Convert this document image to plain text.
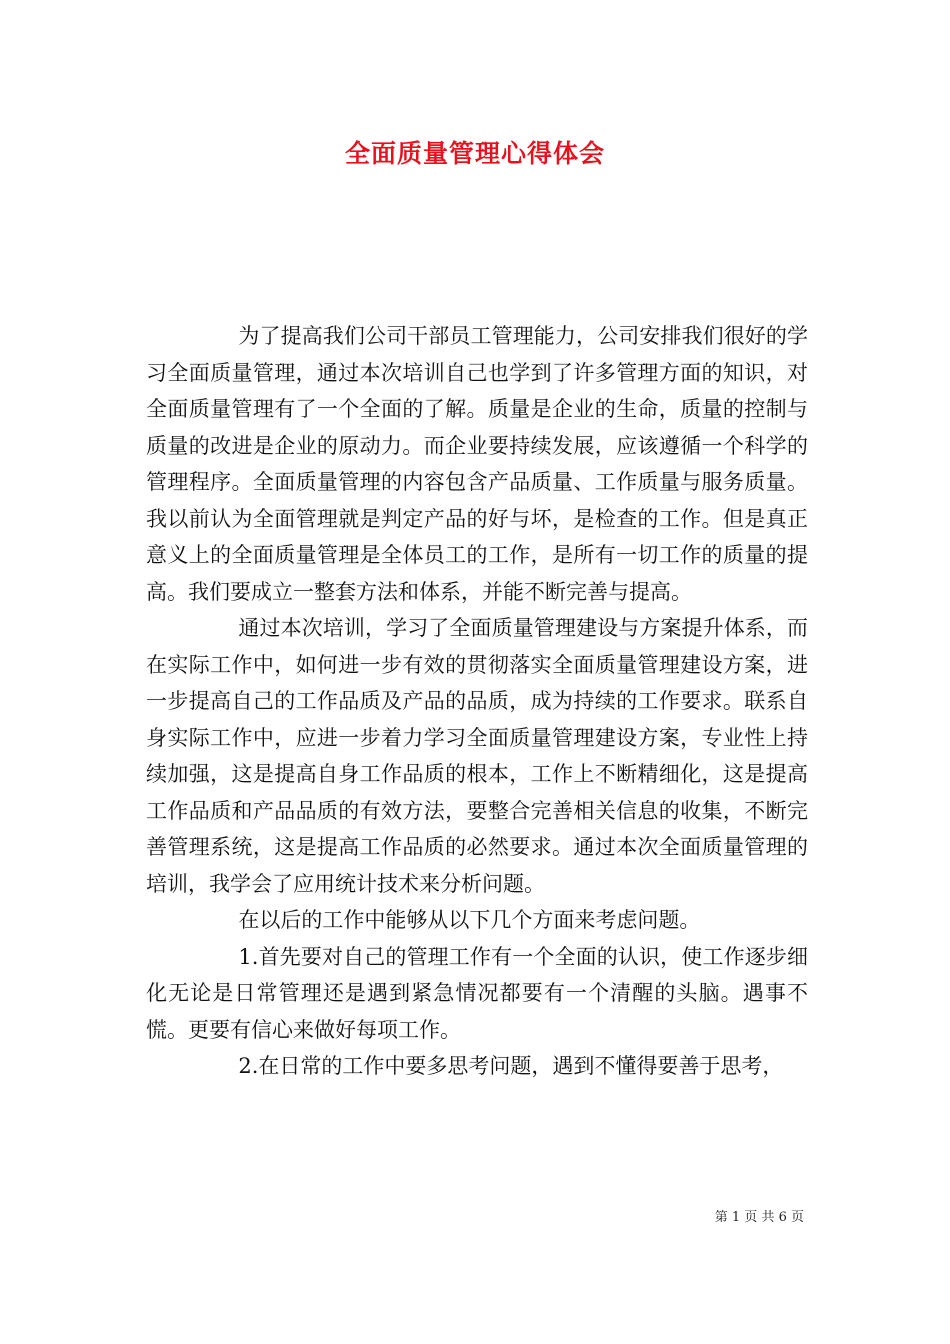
全面质量管理心得体会

为了提高我们公司干部员工管理能力，公司安排我们很好的学习全面质量管理，通过本次培训自己也学到了许多管理方面的知识，对全面质量管理有了一个全面的了解。质量是企业的生命，质量的控制与质量的改进是企业的原动力。而企业要持续发展，应该遵循一个科学的管理程序。全面质量管理的内容包含产品质量、工作质量与服务质量。我以前认为全面管理就是判定产品的好与坏，是检查的工作。但是真正意义上的全面质量管理是全体员工的工作，是所有一切工作的质量的提高。我们要成立一整套方法和体系，并能不断完善与提高。

通过本次培训，学习了全面质量管理建设与方案提升体系，而在实际工作中，如何进一步有效的贯彻落实全面质量管理建设方案，进一步提高自己的工作品质及产品的品质，成为持续的工作要求。联系自身实际工作中，应进一步着力学习全面质量管理建设方案，专业性上持续加强，这是提高自身工作品质的根本，工作上不断精细化，这是提高工作品质和产品品质的有效方法，要整合完善相关信息的收集，不断完善管理系统，这是提高工作品质的必然要求。通过本次全面质量管理的培训，我学会了应用统计技术来分析问题。

在以后的工作中能够从以下几个方面来考虑问题。

1.首先要对自己的管理工作有一个全面的认识，使工作逐步细化无论是日常管理还是遇到紧急情况都要有一个清醒的头脑。遇事不慌。更要有信心来做好每项工作。

2.在日常的工作中要多思考问题，遇到不懂得要善于思考，

第 1 页 共 6 页
